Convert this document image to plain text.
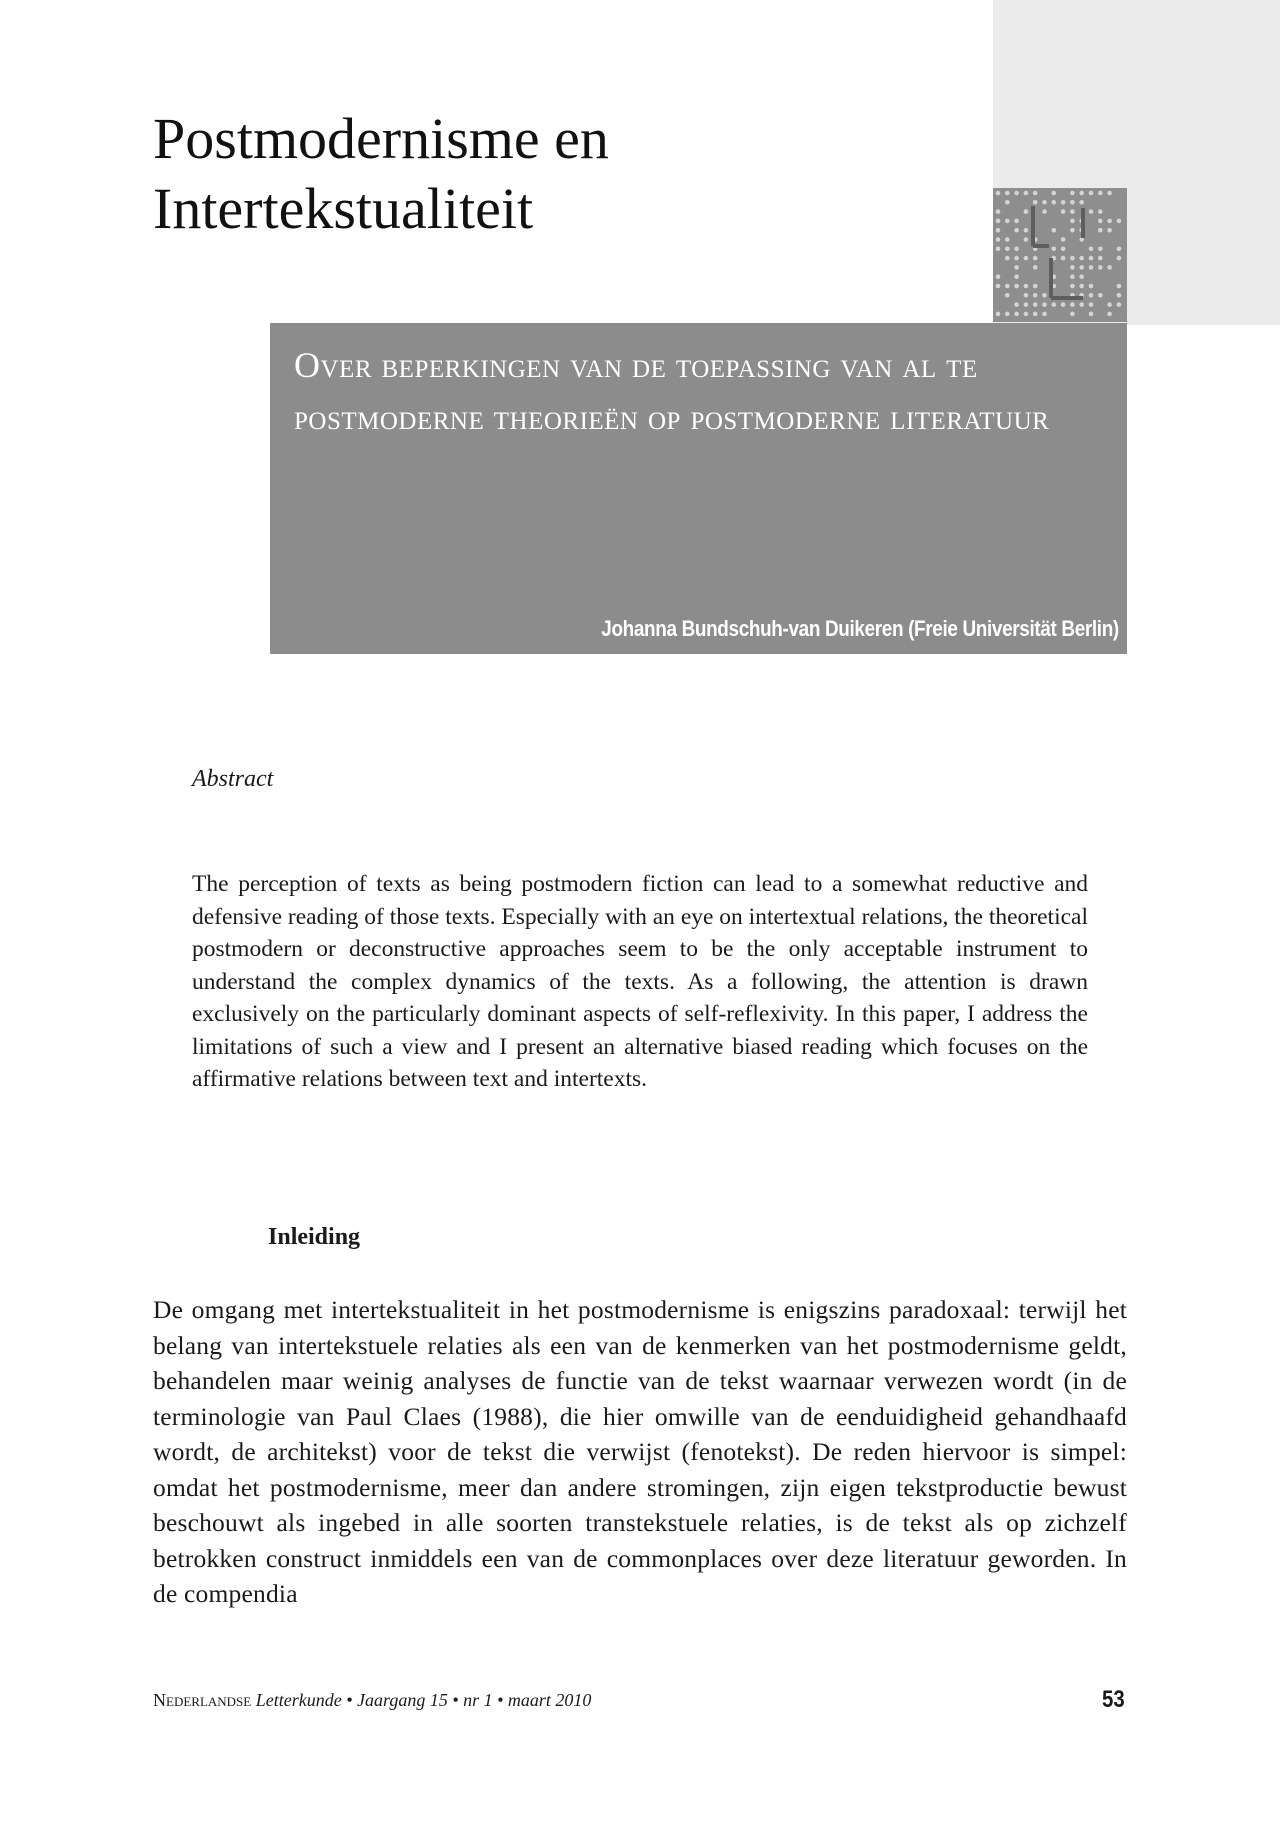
Postmodernisme en
Intertekstualiteit

Over beperkingen van de toepassing van al te postmoderne theorieën op postmoderne literatuur

Johanna Bundschuh-van Duikeren (Freie Universität Berlin)

Abstract

The perception of texts as being postmodern fiction can lead to a somewhat reductive and defensive reading of those texts. Especially with an eye on intertextual relations, the theoretical postmodern or deconstructive approaches seem to be the only acceptable instrument to understand the complex dynamics of the texts. As a following, the attention is drawn exclusively on the particularly dominant aspects of self-reflexivity. In this paper, I address the limitations of such a view and I present an alternative biased reading which focuses on the affirmative relations between text and intertexts.

Inleiding

De omgang met intertekstualiteit in het postmodernisme is enigszins paradoxaal: terwijl het belang van intertekstuele relaties als een van de kenmerken van het postmodernisme geldt, behandelen maar weinig analyses de functie van de tekst waarnaar verwezen wordt (in de terminologie van Paul Claes (1988), die hier omwille van de eenduidigheid gehandhaafd wordt, de architekst) voor de tekst die verwijst (fenotekst). De reden hiervoor is simpel: omdat het postmodernisme, meer dan andere stromingen, zijn eigen tekstproductie bewust beschouwt als ingebed in alle soorten transtekstuele relaties, is de tekst als op zichzelf betrokken construct inmiddels een van de commonplaces over deze literatuur geworden. In de compendia

Nederlandse Letterkunde • Jaargang 15 • nr 1 • maart 2010	53
